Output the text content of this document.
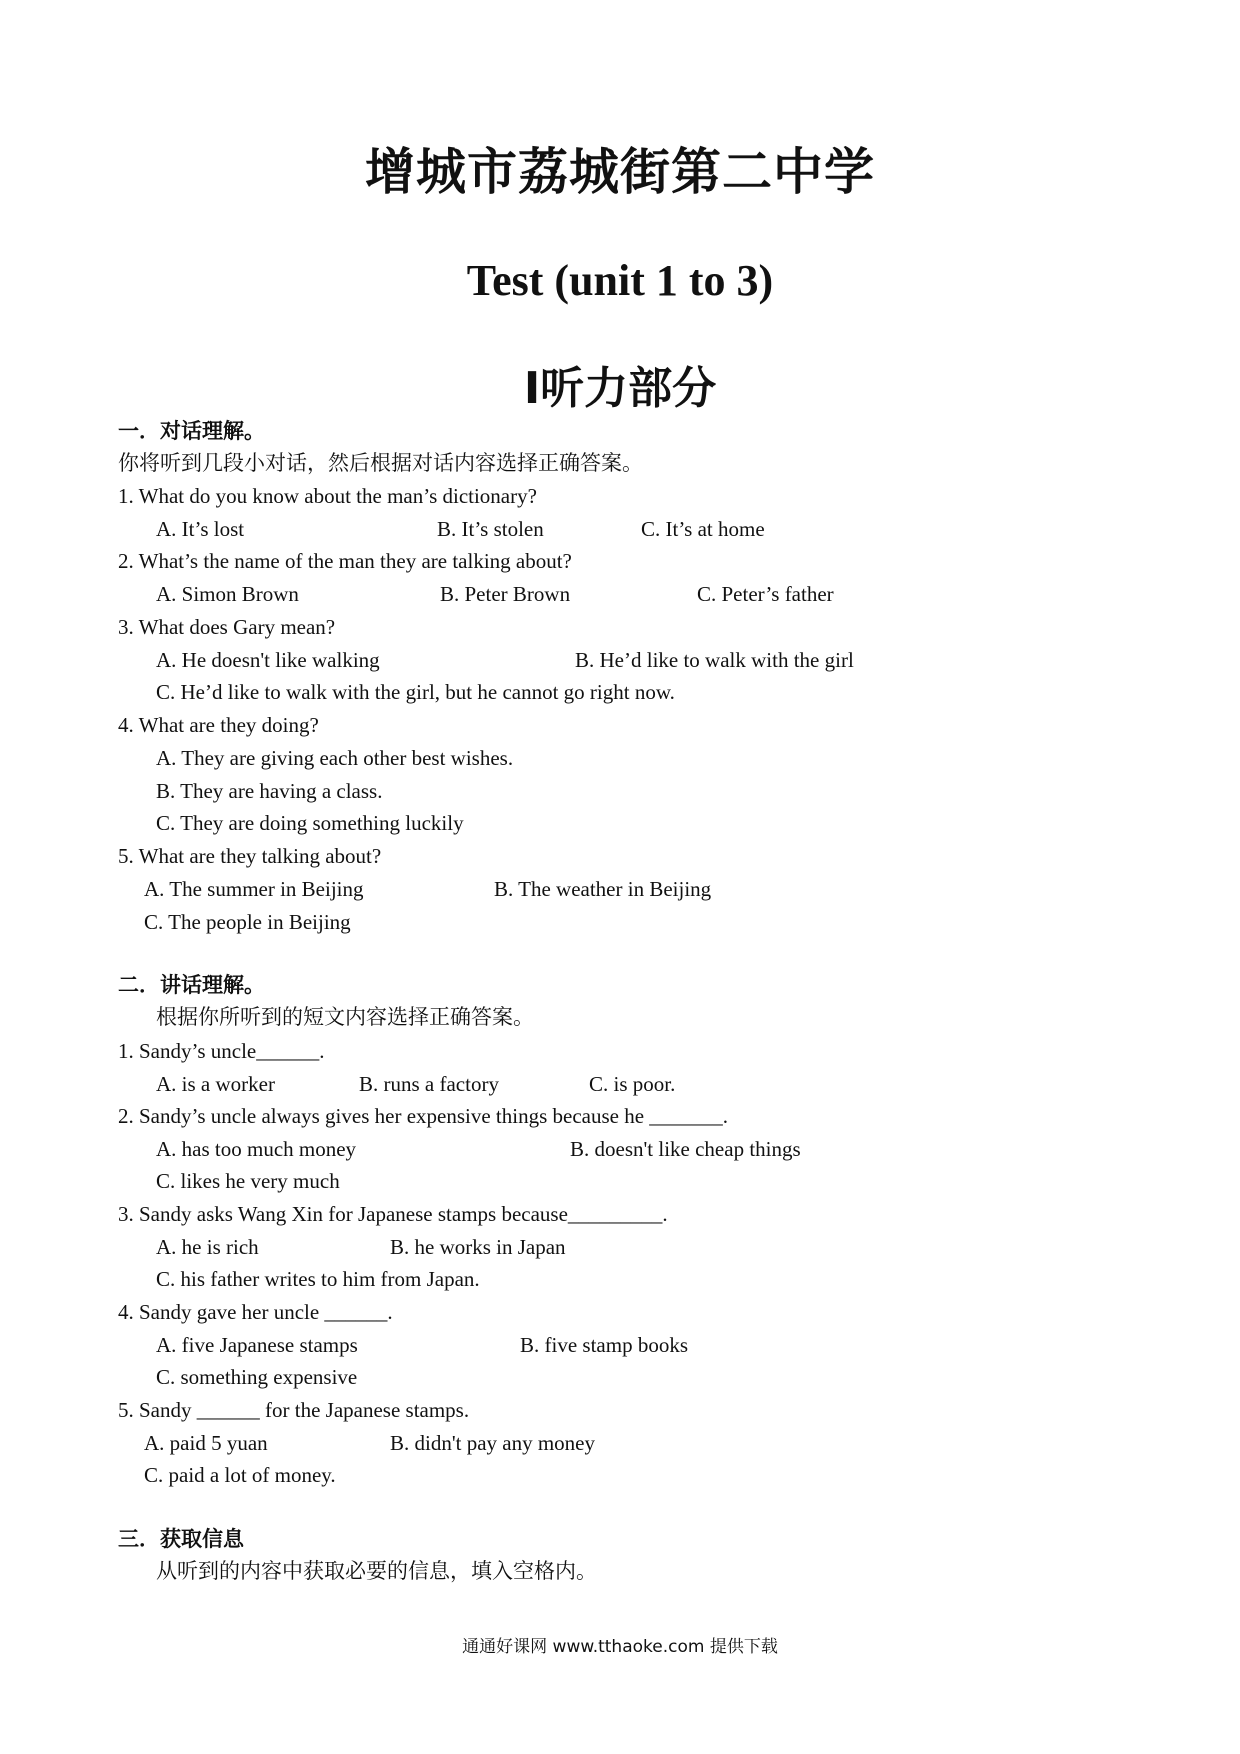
增城市荔城街第二中学
Test (unit 1 to 3)
Ⅰ听力部分
一．对话理解。
你将听到几段小对话，然后根据对话内容选择正确答案。
1. What do you know about the man’s dictionary?
A. It’s lost	B. It’s stolen	C. It’s at home
2. What’s the name of the man they are talking about?
A. Simon Brown	B. Peter Brown	C. Peter’s father
3. What does Gary mean?
A. He doesn't like walking	B. He’d like to walk with the girl
C. He’d like to walk with the girl, but he cannot go right now.
4. What are they doing?
A. They are giving each other best wishes.
B. They are having a class.
C. They are doing something luckily
5. What are they talking about?
A. The summer in Beijing	B. The weather in Beijing
C. The people in Beijing
二．讲话理解。
根据你所听到的短文内容选择正确答案。
1. Sandy’s uncle______.
A. is a worker	B. runs a factory	C. is poor.
2. Sandy’s uncle always gives her expensive things because he _______.
A. has too much money	B. doesn't like cheap things
C. likes he very much
3. Sandy asks Wang Xin for Japanese stamps because_________.
A. he is rich	B. he works in Japan
C. his father writes to him from Japan.
4. Sandy gave her uncle ______.
A. five Japanese stamps	B. five stamp books
C. something expensive
5. Sandy ______ for the Japanese stamps.
A. paid 5 yuan	B. didn't pay any money
C. paid a lot of money.
三．获取信息
从听到的内容中获取必要的信息，填入空格内。
通通好课网 www.tthaoke.com 提供下载
